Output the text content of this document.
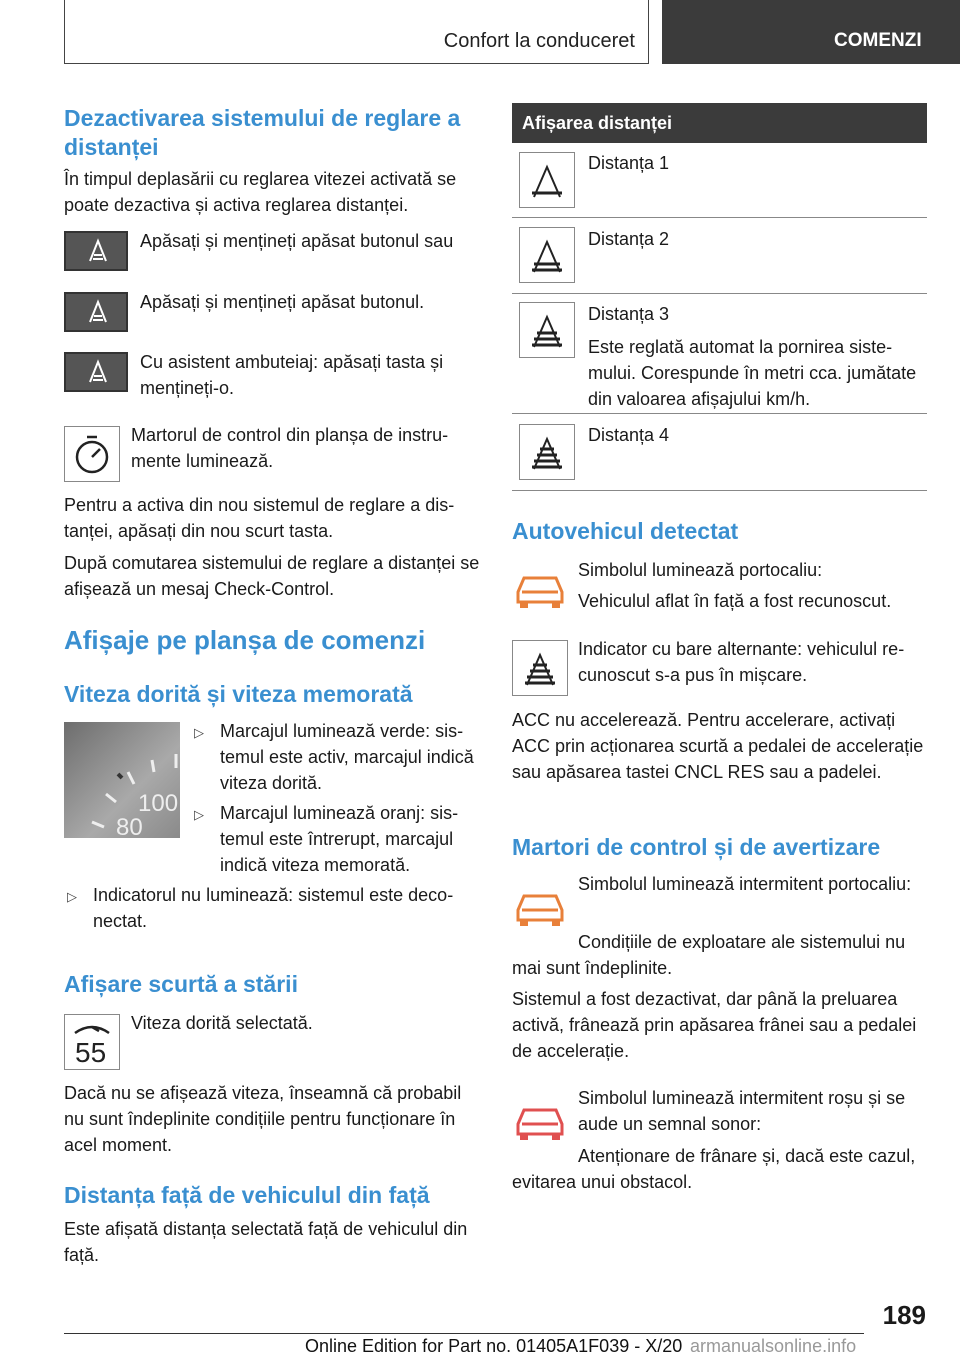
Confort la conduceret	COMENZI
Dezactivarea sistemului de reglare a distanței

În timpul deplasării cu reglarea vitezei activată se poate dezactiva și activa reglarea distanței.

Apăsați și mențineți apăsat butonul sau

Apăsați și mențineți apăsat butonul.

Cu asistent ambuteiaj: apăsați tasta și mențineți-o.

Martorul de control din planșa de instrumente luminează.

Pentru a activa din nou sistemul de reglare a distanței, apăsați din nou scurt tasta.

După comutarea sistemului de reglare a distanței se afișează un mesaj Check-Control.

Afișaje pe planșa de comenzi
Viteza dorită și viteza memorată
100
80

▷ Marcajul luminează verde: sistemul este activ, marcajul indică viteza dorită.

▷ Marcajul luminează oranj: sistemul este întrerupt, marcajul indică viteza memorată.

▷ Indicatorul nu luminează: sistemul este deconectat.

Afișare scurtă a stării
55

Viteza dorită selectată.

Dacă nu se afișează viteza, înseamnă că probabil nu sunt îndeplinite condițiile pentru funcționare în acel moment.

Distanța față de vehiculul din față

Este afișată distanța selectată față de vehiculul din față.

Afișarea distanței

Distanța 1

Distanța 2

Distanța 3

Este reglată automat la pornirea sistemului. Corespunde în metri cca. jumătate din valoarea afișajului km/h.

Distanța 4

Autovehicul detectat

Simbolul luminează portocaliu:

Vehiculul aflat în față a fost recunoscut.

Indicator cu bare alternante: vehiculul recunoscut s-a pus în mișcare.

ACC nu accelerează. Pentru accelerare, activați ACC prin acționarea scurtă a pedalei de accelerație sau apăsarea tastei CNCL RES sau a padelei.

Martori de control și de avertizare

Simbolul luminează intermitent portocaliu:

Condițiile de exploatare ale sistemului nu mai sunt îndeplinite.

Sistemul a fost dezactivat, dar până la preluarea activă, frânează prin apăsarea frânei sau a pedalei de accelerație.

Simbolul luminează intermitent roșu și se aude un semnal sonor:

Atenționare de frânare și, dacă este cazul, evitarea unui obstacol.

189
Online Edition for Part no. 01405A1F039 - X/20 armanualsonline.info
